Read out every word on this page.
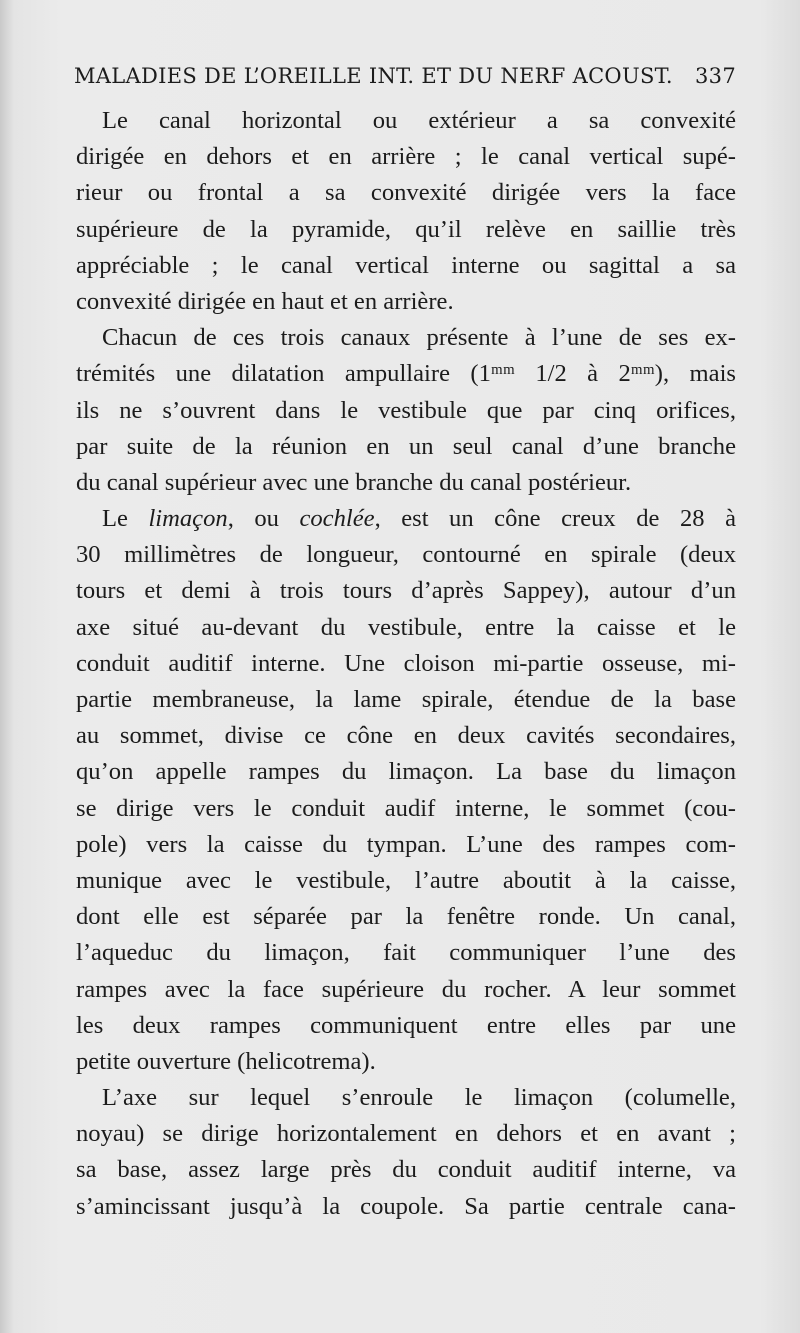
MALADIES DE L’OREILLE INT. ET DU NERF ACOUST. 337
Le canal horizontal ou extérieur a sa convexité
dirigée en dehors et en arrière ; le canal vertical supé-
rieur ou frontal a sa convexité dirigée vers la face
supérieure de la pyramide, qu’il relève en saillie très
appréciable ; le canal vertical interne ou sagittal a sa
convexité dirigée en haut et en arrière.
Chacun de ces trois canaux présente à l’une de ses ex-
trémités une dilatation ampullaire (1ᵐᵐ 1/2 à 2ᵐᵐ), mais
ils ne s’ouvrent dans le vestibule que par cinq orifices,
par suite de la réunion en un seul canal d’une branche
du canal supérieur avec une branche du canal postérieur.
Le limaçon, ou cochlée, est un cône creux de 28 à
30 millimètres de longueur, contourné en spirale (deux
tours et demi à trois tours d’après Sappey), autour d’un
axe situé au-devant du vestibule, entre la caisse et le
conduit auditif interne. Une cloison mi-partie osseuse, mi-
partie membraneuse, la lame spirale, étendue de la base
au sommet, divise ce cône en deux cavités secondaires,
qu’on appelle rampes du limaçon. La base du limaçon
se dirige vers le conduit audif interne, le sommet (cou-
pole) vers la caisse du tympan. L’une des rampes com-
munique avec le vestibule, l’autre aboutit à la caisse,
dont elle est séparée par la fenêtre ronde. Un canal,
l’aqueduc du limaçon, fait communiquer l’une des
rampes avec la face supérieure du rocher. A leur sommet
les deux rampes communiquent entre elles par une
petite ouverture (helicotrema).
L’axe sur lequel s’enroule le limaçon (columelle,
noyau) se dirige horizontalement en dehors et en avant ;
sa base, assez large près du conduit auditif interne, va
s’amincissant jusqu’à la coupole. Sa partie centrale cana-
